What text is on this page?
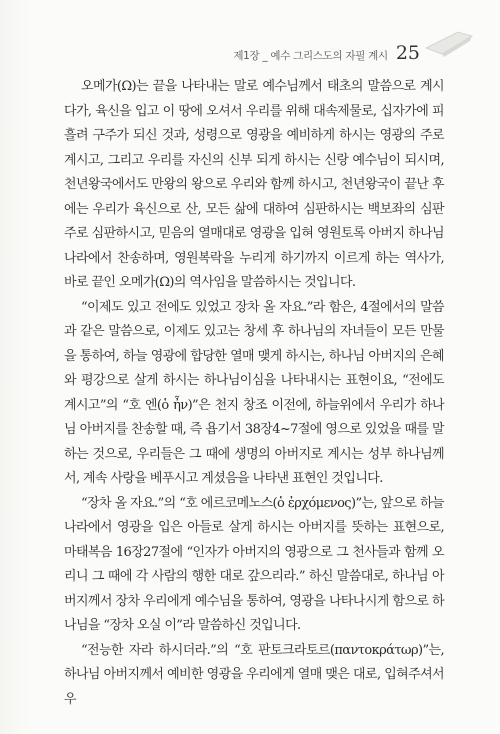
제1장 _ 예수 그리스도의 자필 계시 25

오메가(Ω)는 끝을 나타내는 말로 예수님께서 태초의 말씀으로 계시다가, 육신을 입고 이 땅에 오셔서 우리를 위해 대속제물로, 십자가에 피 흘려 구주가 되신 것과, 성령으로 영광을 예비하게 하시는 영광의 주로 계시고, 그리고 우리를 자신의 신부 되게 하시는 신랑 예수님이 되시며, 천년왕국에서도 만왕의 왕으로 우리와 함께 하시고, 천년왕국이 끝난 후에는 우리가 육신으로 산, 모든 삶에 대하여 심판하시는 백보좌의 심판주로 심판하시고, 믿음의 열매대로 영광을 입혀 영원토록 아버지 하나님 나라에서 찬송하며, 영원복락을 누리게 하기까지 이르게 하는 역사가, 바로 끝인 오메가(Ω)의 역사임을 말씀하시는 것입니다.

“이제도 있고 전에도 있었고 장차 올 자요.”라 함은, 4절에서의 말씀과 같은 말씀으로, 이제도 있고는 창세 후 하나님의 자녀들이 모든 만물을 통하여, 하늘 영광에 합당한 열매 맺게 하시는, 하나님 아버지의 은혜와 평강으로 살게 하시는 하나님이심을 나타내시는 표현이요, “전에도 계시고”의 “호 엔(ὁ ἦν)”은 천지 창조 이전에, 하늘위에서 우리가 하나님 아버지를 찬송할 때, 즉 욥기서 38장4~7절에 영으로 있었을 때를 말하는 것으로, 우리들은 그 때에 생명의 아버지로 계시는 성부 하나님께서, 계속 사랑을 베푸시고 계셨음을 나타낸 표현인 것입니다.

“장차 올 자요.”의 “호 에르코메노스(ὁ ἐρχόμενος)”는, 앞으로 하늘나라에서 영광을 입은 아들로 살게 하시는 아버지를 뜻하는 표현으로, 마태복음 16장27절에 “인자가 아버지의 영광으로 그 천사들과 함께 오리니 그 때에 각 사람의 행한 대로 갚으리라.” 하신 말씀대로, 하나님 아버지께서 장차 우리에게 예수님을 통하여, 영광을 나타나시게 함으로 하나님을 “장차 오실 이”라 말씀하신 것입니다.

“전능한 자라 하시더라.”의 “호 판토크라토르(παντοκράτωρ)”는, 하나님 아버지께서 예비한 영광을 우리에게 열매 맺은 대로, 입혀주셔서 우
